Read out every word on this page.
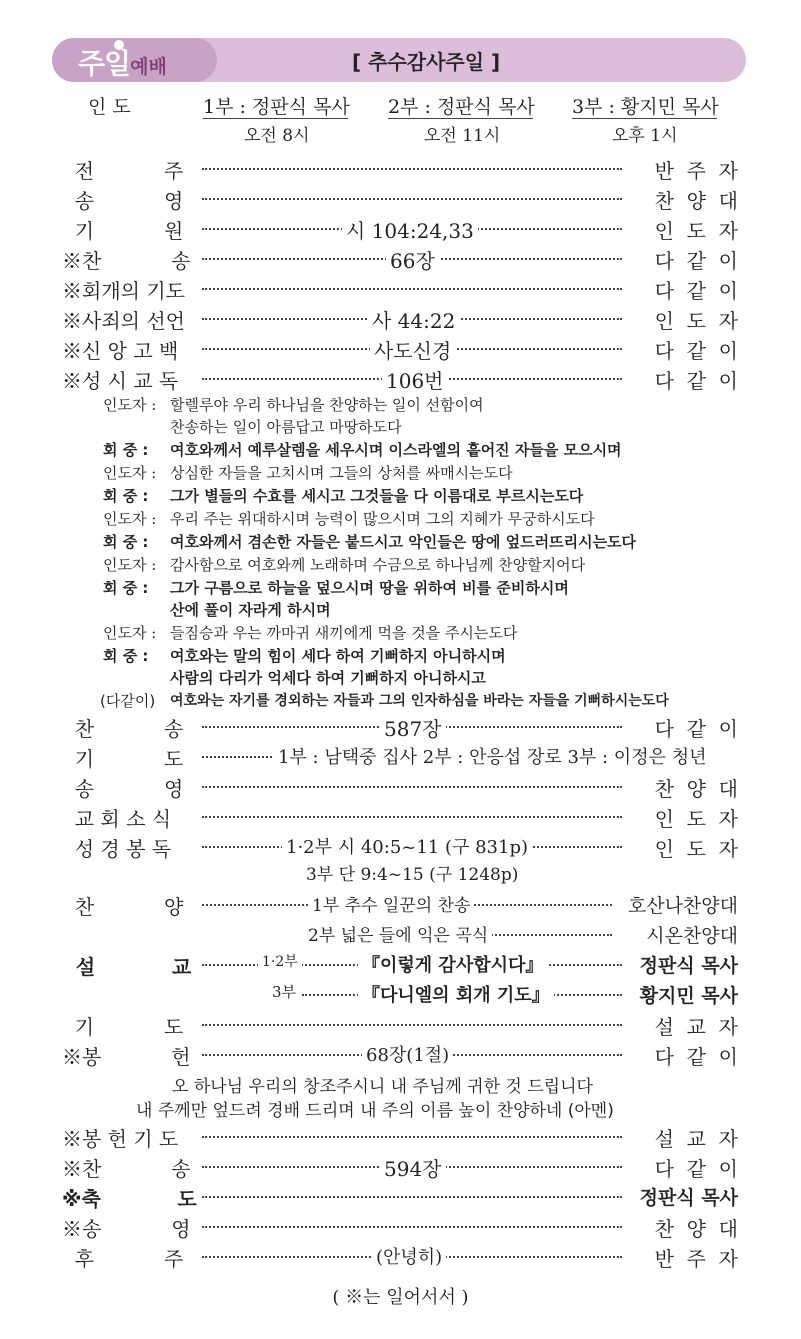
주일예배	[ 추수감사주일 ]
인 도	1부 : 정판식 목사 2부 : 정판식 목사 3부 : 황지민 목사
오전 8시	오전 11시	오후 1시
전           주	반  주  자
송           영	찬  양  대
기           원	시 104:24,33	인  도  자
※찬           송	66장	다  같  이
※회개의 기도	다  같  이
※사죄의 선언	사 44:22	인  도  자
※신 앙 고 백	사도신경	다  같  이
※성 시 교 독	106번	다  같  이
인도자 : 할렐루야 우리 하나님을 찬양하는 일이 선함이여
찬송하는 일이 아름답고 마땅하도다
회 중 : 여호와께서 예루살렘을 세우시며 이스라엘의 흩어진 자들을 모으시며
인도자 : 상심한 자들을 고치시며 그들의 상처를 싸매시는도다
회 중 : 그가 별들의 수효를 세시고 그것들을 다 이름대로 부르시는도다
인도자 : 우리 주는 위대하시며 능력이 많으시며 그의 지혜가 무궁하시도다
회 중 : 여호와께서 겸손한 자들은 붙드시고 악인들은 땅에 엎드러뜨리시는도다
인도자 : 감사함으로 여호와께 노래하며 수금으로 하나님께 찬양할지어다
회 중 : 그가 구름으로 하늘을 덮으시며 땅을 위하여 비를 준비하시며
산에 풀이 자라게 하시며
인도자 : 들짐승과 우는 까마귀 새끼에게 먹을 것을 주시는도다
회 중 : 여호와는 말의 힘이 세다 하여 기뻐하지 아니하시며
사람의 다리가 억세다 하여 기뻐하지 아니하시고
(다같이) 여호와는 자기를 경외하는 자들과 그의 인자하심을 바라는 자들을 기뻐하시는도다
찬           송	587장	다  같  이
기           도	1부 : 남택중 집사 2부 : 안응섭 장로 3부 : 이정은 청년
송           영	찬  양  대
교 회 소 식	인  도  자
성 경 봉 독	1·2부 시 40:5~11 (구 831p)	인  도  자
3부 단 9:4~15 (구 1248p)
찬           양	1부 추수 일꾼의 찬송	호산나찬양대
2부 넓은 들에 익은 곡식	시온찬양대
설           교	1·2부	『이렇게 감사합시다』	정판식 목사
3부	『다니엘의 회개 기도』	황지민 목사
기           도	설  교  자
※봉           헌	68장(1절)	다  같  이
오 하나님 우리의 창조주시니 내 주님께 귀한 것 드립니다
내 주께만 엎드려 경배 드리며 내 주의 이름 높이 찬양하네 (아멘)
※봉 헌 기 도	설  교  자
※찬           송	594장	다  같  이
※축           도	정판식 목사
※송           영	찬  양  대
후           주	(안녕히)	반  주  자
( ※는 일어서서 )
